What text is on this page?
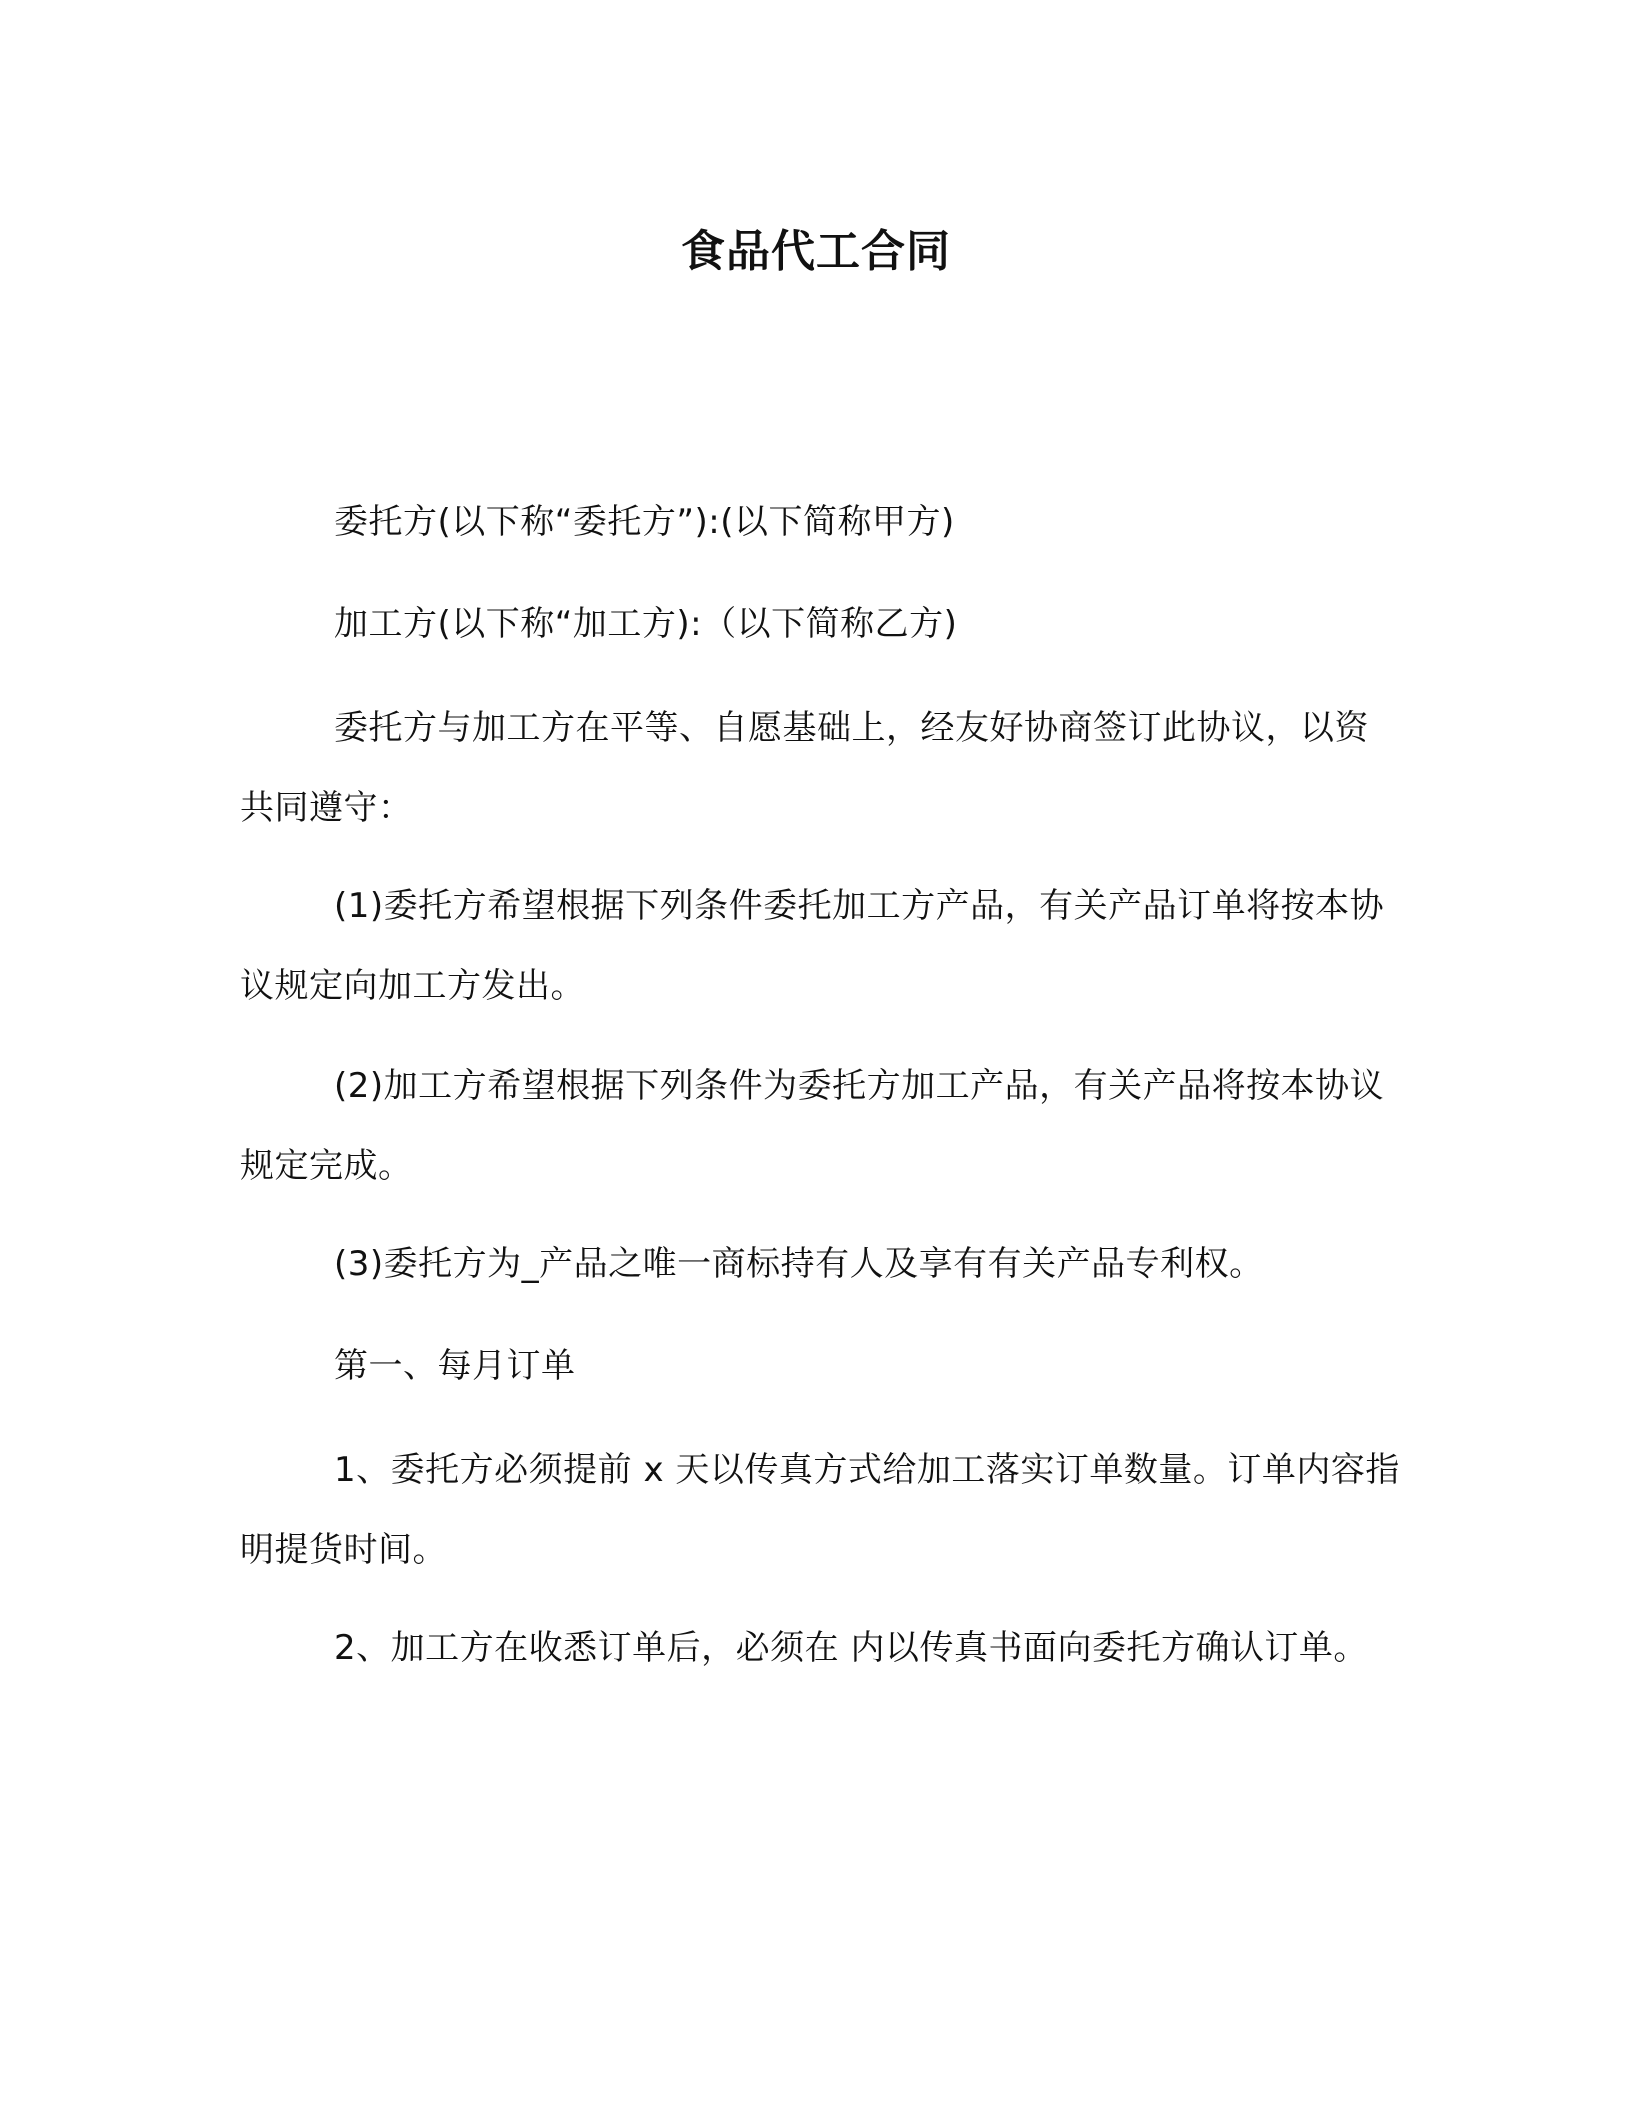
食品代工合同
委托方(以下称“委托方”):(以下简称甲方)
加工方(以下称“加工方):（以下简称乙方)
委托方与加工方在平等、自愿基础上，经友好协商签订此协议，以资共同遵守：
(1)委托方希望根据下列条件委托加工方产品，有关产品订单将按本协议规定向加工方发出。
(2)加工方希望根据下列条件为委托方加工产品，有关产品将按本协议规定完成。
(3)委托方为_产品之唯一商标持有人及享有有关产品专利权。
第一、每月订单
1、委托方必须提前 x 天以传真方式给加工落实订单数量。订单内容指明提货时间。
2、加工方在收悉订单后，必须在 内以传真书面向委托方确认订单。
